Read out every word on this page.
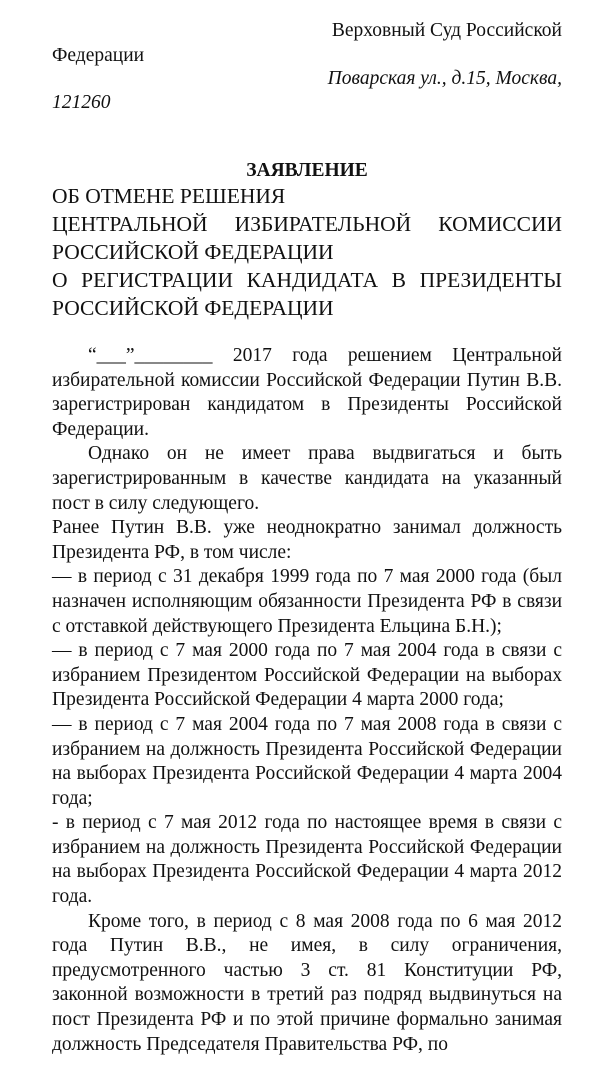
Верховный Суд Российской
Федерации
Поварская ул., д.15, Москва,
121260
ЗАЯВЛЕНИЕ
ОБ ОТМЕНЕ РЕШЕНИЯ
ЦЕНТРАЛЬНОЙ ИЗБИРАТЕЛЬНОЙ КОМИССИИ
РОССИЙСКОЙ ФЕДЕРАЦИИ
О РЕГИСТРАЦИИ КАНДИДАТА В ПРЕЗИДЕНТЫ
РОССИЙСКОЙ ФЕДЕРАЦИИ

“___”________ 2017 года решением Центральной избирательной комиссии Российской Федерации Путин В.В. зарегистрирован кандидатом в Президенты Российской Федерации.

Однако он не имеет права выдвигаться и быть зарегистрированным в качестве кандидата на указанный пост в силу следующего.

Ранее Путин В.В. уже неоднократно занимал должность Президента РФ, в том числе:

— в период с 31 декабря 1999 года по 7 мая 2000 года (был назначен исполняющим обязанности Президента РФ в связи с отставкой действующего Президента Ельцина Б.Н.);

— в период с 7 мая 2000 года по 7 мая 2004 года в связи с избранием Президентом Российской Федерации на выборах Президента Российской Федерации 4 марта 2000 года;

— в период с 7 мая 2004 года по 7 мая 2008 года в связи с избранием на должность Президента Российской Федерации на выборах Президента Российской Федерации 4 марта 2004 года;

- в период с 7 мая 2012 года по настоящее время в связи с избранием на должность Президента Российской Федерации на выборах Президента Российской Федерации 4 марта 2012 года.

Кроме того, в период с 8 мая 2008 года по 6 мая 2012 года Путин В.В., не имея, в силу ограничения, предусмотренного частью 3 ст. 81 Конституции РФ, законной возможности в третий раз подряд выдвинуться на пост Президента РФ и по этой причине формально занимая должность Председателя Правительства РФ, по
